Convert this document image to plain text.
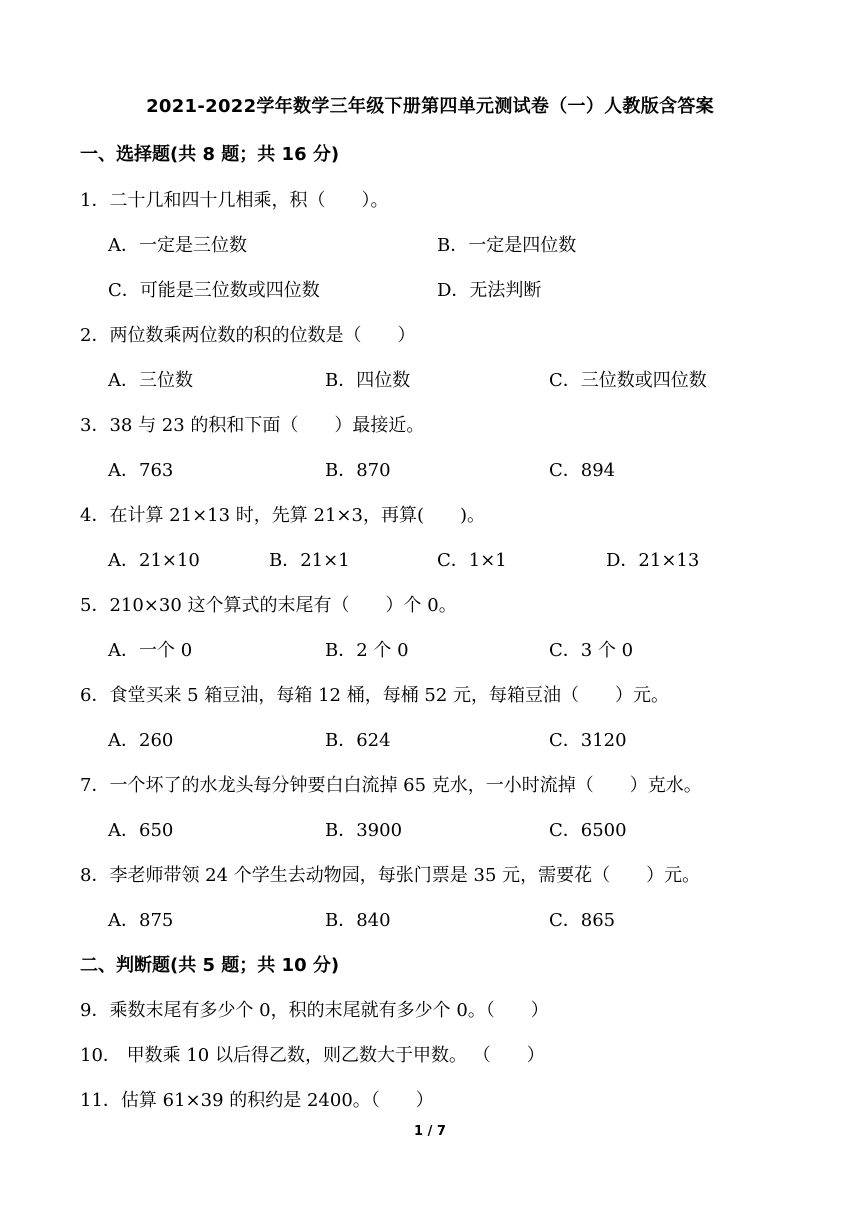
2021-2022学年数学三年级下册第四单元测试卷（一）人教版含答案
一、选择题(共 8 题；共 16 分)
1．二十几和四十几相乘，积（　　）。
A．一定是三位数	B．一定是四位数
C．可能是三位数或四位数	D．无法判断
2．两位数乘两位数的积的位数是（　　）
A．三位数	B．四位数	C．三位数或四位数
3．38 与 23 的积和下面（　　）最接近。
A．763	B．870	C．894
4．在计算 21×13 时，先算 21×3，再算(　　)。
A．21×10	B．21×1	C．1×1	D．21×13
5．210×30 这个算式的末尾有（　　）个 0。
A．一个 0	B．2 个 0	C．3 个 0
6．食堂买来 5 箱豆油，每箱 12 桶，每桶 52 元，每箱豆油（　　）元。
A．260	B．624	C．3120
7．一个坏了的水龙头每分钟要白白流掉 65 克水，一小时流掉（　　）克水。
A．650	B．3900	C．6500
8．李老师带领 24 个学生去动物园，每张门票是 35 元，需要花（　　）元。
A．875	B．840	C．865
二、判断题(共 5 题；共 10 分)
9．乘数末尾有多少个 0，积的末尾就有多少个 0。（　　）
10． 甲数乘 10 以后得乙数，则乙数大于甲数。 （　　）
11．估算 61×39 的积约是 2400。（　　）
1 / 7
